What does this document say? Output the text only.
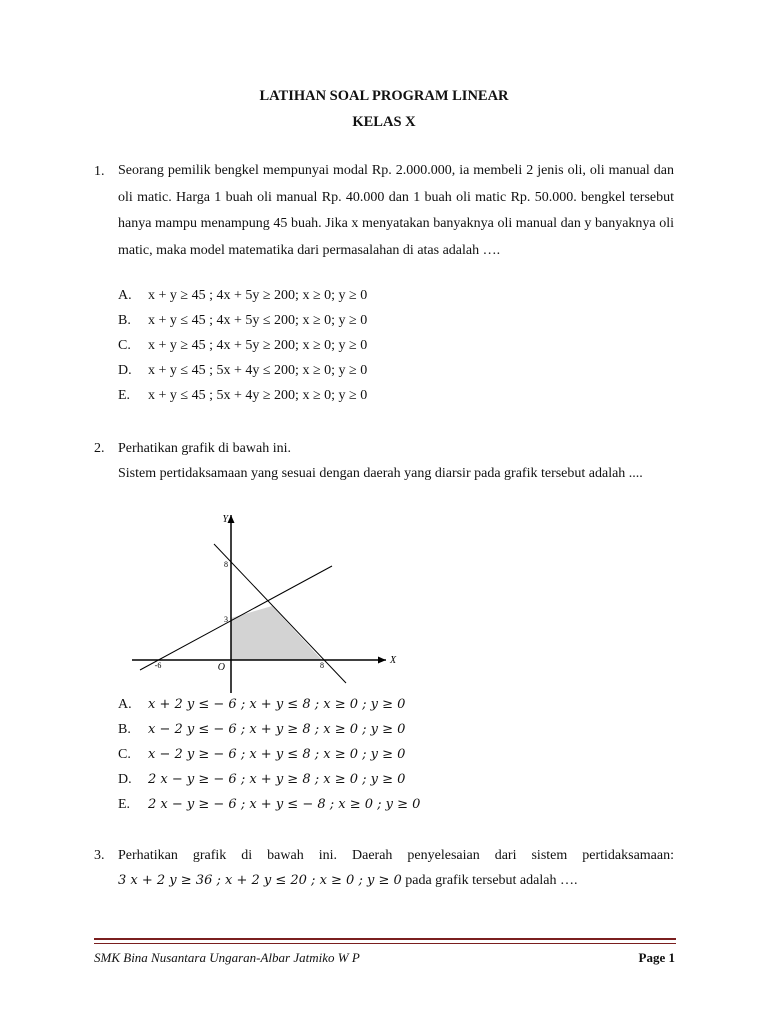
LATIHAN SOAL PROGRAM LINEAR
KELAS X
1. Seorang pemilik bengkel mempunyai modal Rp. 2.000.000, ia membeli 2 jenis oli, oli manual dan oli matic. Harga 1 buah oli manual Rp. 40.000 dan 1 buah oli matic Rp. 50.000. bengkel tersebut hanya mampu menampung 45 buah. Jika x menyatakan banyaknya oli manual dan y banyaknya oli matic, maka model matematika dari permasalahan di atas adalah ….
A. x + y ≥ 45 ; 4x + 5y ≥ 200; x ≥ 0; y ≥ 0
B. x + y ≤ 45 ; 4x + 5y ≤ 200; x ≥ 0; y ≥ 0
C. x + y ≥ 45 ; 4x + 5y ≥ 200; x ≥ 0; y ≥ 0
D. x + y ≤ 45 ; 5x + 4y ≤ 200; x ≥ 0; y ≥ 0
E. x + y ≤ 45 ; 5x + 4y ≥ 200; x ≥ 0; y ≥ 0
2. Perhatikan grafik di bawah ini.
Sistem pertidaksamaan yang sesuai dengan daerah yang diarsir pada grafik tersebut adalah ....
Y
X
O
8
3
-6	8
A. x + 2 y ≤ − 6 ; x + y ≤ 8 ; x ≥ 0 ; y ≥ 0
B. x − 2 y ≤ − 6 ; x + y ≥ 8 ; x ≥ 0 ; y ≥ 0
C. x − 2 y ≥ − 6 ; x + y ≤ 8 ; x ≥ 0 ; y ≥ 0
D. 2 x − y ≥ − 6 ; x + y ≥ 8 ; x ≥ 0 ; y ≥ 0
E. 2 x − y ≥ − 6 ; x + y ≤ − 8 ; x ≥ 0 ; y ≥ 0
3. Perhatikan grafik di bawah ini. Daerah penyelesaian dari sistem pertidaksamaan:
3 x + 2 y ≥ 36 ; x + 2 y ≤ 20 ; x ≥ 0 ; y ≥ 0 pada grafik tersebut adalah ….
SMK Bina Nusantara Ungaran-Albar Jatmiko W P	Page 1
